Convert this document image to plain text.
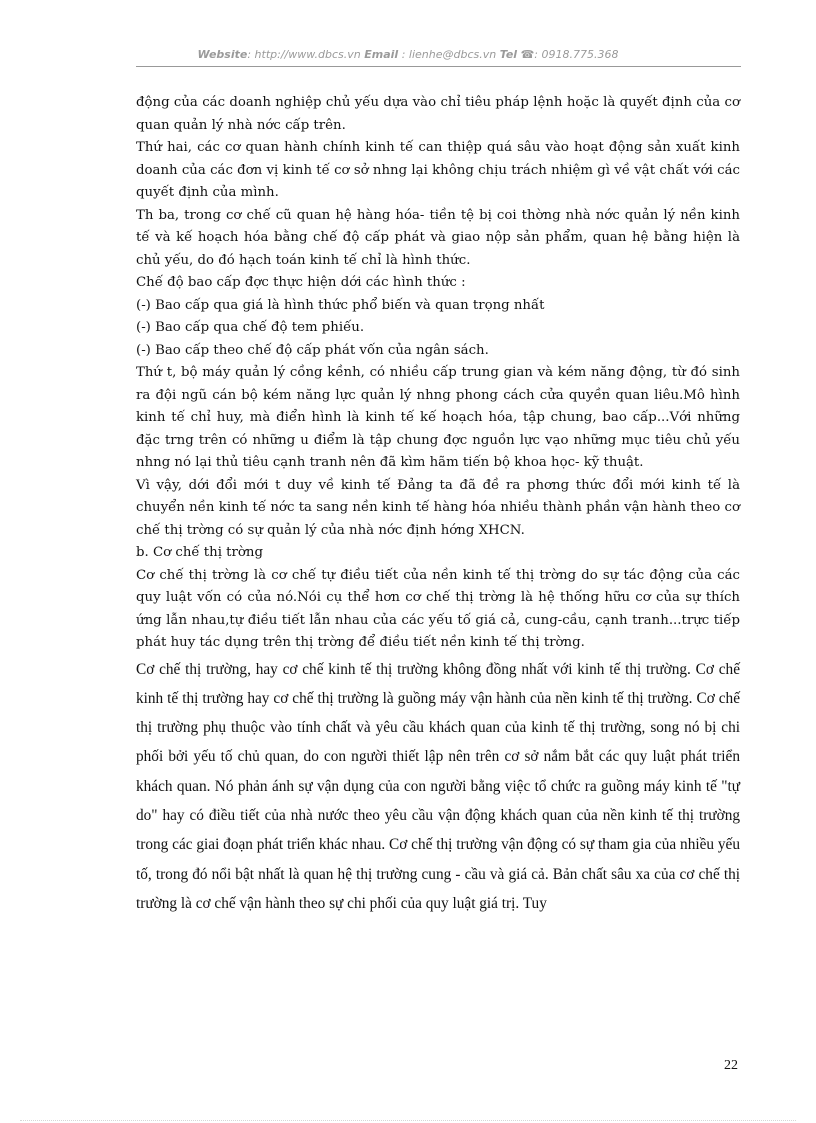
Website: http://www.dbcs.vn Email : lienhe@dbcs.vn Tel ☎: 0918.775.368

động của các doanh nghiệp chủ yếu dựa vào chỉ tiêu pháp lệnh hoặc là quyết định của cơ quan quản lý nhà nớc cấp trên.

Thứ hai, các cơ quan hành chính kinh tế can thiệp quá sâu vào hoạt động sản xuất kinh doanh của các đơn vị kinh tế cơ sở nhng lại không chịu trách nhiệm gì về vật chất với các quyết định của mình.

Th ba, trong cơ chế cũ quan hệ hàng hóa- tiền tệ bị coi thờng nhà nớc quản lý nền kinh tế và kế hoạch hóa bằng chế độ cấp phát và giao nộp sản phẩm, quan hệ bằng hiện là chủ yếu, do đó hạch toán kinh tế chỉ là hình thức.

Chế độ bao cấp đợc thực hiện dới các hình thức :

(-) Bao cấp qua giá là hình thức phổ biến và quan trọng nhất

(-) Bao cấp qua chế độ tem phiếu.

(-) Bao cấp theo chế độ cấp phát vốn của ngân sách.

Thứ t, bộ máy quản lý cồng kềnh, có nhiều cấp trung gian và kém năng động, từ đó sinh ra đội ngũ cán bộ kém năng lực quản lý nhng phong cách cửa quyền quan liêu.Mô hình kinh tế chỉ huy, mà điển hình là kinh tế kế hoạch hóa, tập chung, bao cấp...Với những đặc trng trên có những u điểm là tập chung đợc nguồn lực vạo những mục tiêu chủ yếu nhng nó lại thủ tiêu cạnh tranh nên đã kìm hãm tiến bộ khoa học- kỹ thuật.

Vì vậy, dới đổi mới t duy về kinh tế Đảng ta đã đề ra phơng thức đổi mới kinh tế là chuyển nền kinh tế nớc ta sang nền kinh tế hàng hóa nhiều thành phần vận hành theo cơ chế thị trờng có sự quản lý của nhà nớc định hớng XHCN.

b. Cơ chế thị trờng

Cơ chế thị trờng là cơ chế tự điều tiết của nền kinh tế thị trờng do sự tác động của các quy luật vốn có của nó.Nói cụ thể hơn cơ chế thị trờng là hệ thống hữu cơ của sự thích ứng lẫn nhau,tự điều tiết lẫn nhau của các yếu tố giá cả, cung-cầu, cạnh tranh...trực tiếp phát huy tác dụng trên thị trờng để điều tiết nền kinh tế thị trờng.

Cơ chế thị trường, hay cơ chế kinh tế thị trường không đồng nhất với kinh tế thị trường. Cơ chế kinh tế thị trường hay cơ chế thị trường là guồng máy vận hành của nền kinh tế thị trường. Cơ chế thị trường phụ thuộc vào tính chất và yêu cầu khách quan của kinh tế thị trường, song nó bị chi phối bởi yếu tố chủ quan, do con người thiết lập nên trên cơ sở nắm bắt các quy luật phát triển khách quan. Nó phản ánh sự vận dụng của con người bằng việc tổ chức ra guồng máy kinh tế "tự do" hay có điều tiết của nhà nước theo yêu cầu vận động khách quan của nền kinh tế thị trường trong các giai đoạn phát triển khác nhau. Cơ chế thị trường vận động có sự tham gia của nhiều yếu tố, trong đó nổi bật nhất là quan hệ thị trường cung - cầu và giá cả. Bản chất sâu xa của cơ chế thị trường là cơ chế vận hành theo sự chi phối của quy luật giá trị. Tuy

22
